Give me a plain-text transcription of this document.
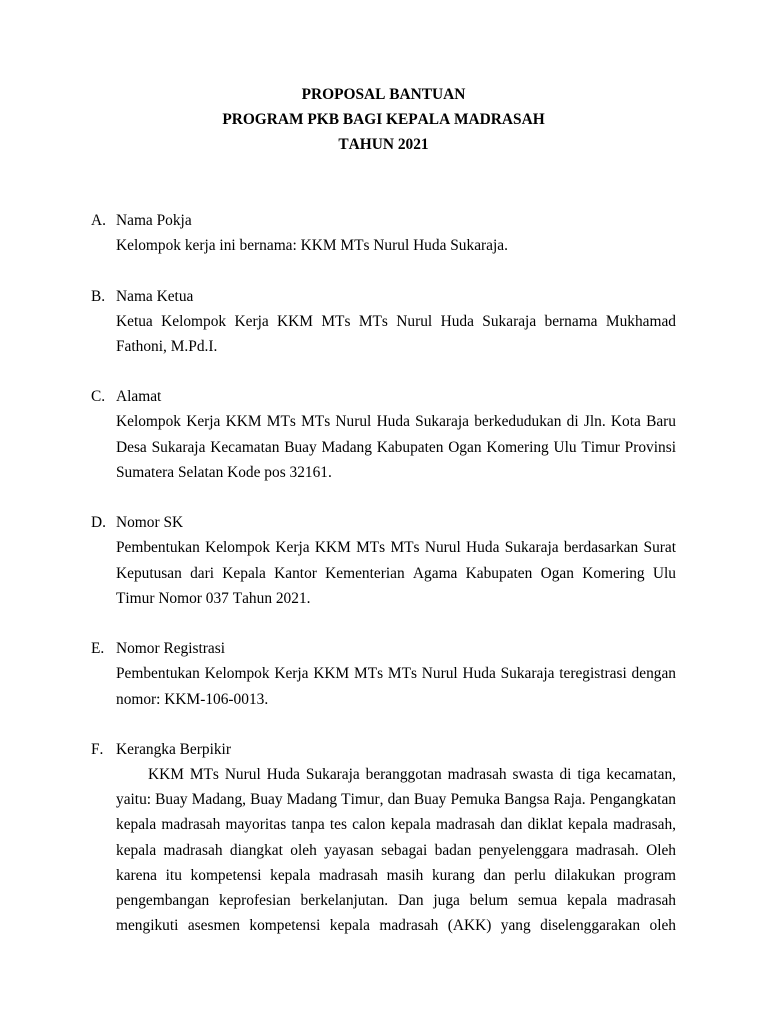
PROPOSAL BANTUAN
PROGRAM PKB BAGI KEPALA MADRASAH
TAHUN 2021
A. Nama Pokja
Kelompok kerja ini bernama: KKM MTs Nurul Huda Sukaraja.
B. Nama Ketua
Ketua Kelompok Kerja KKM MTs MTs Nurul Huda Sukaraja bernama Mukhamad
Fathoni, M.Pd.I.
C. Alamat
Kelompok Kerja KKM MTs MTs Nurul Huda Sukaraja berkedudukan di Jln. Kota Baru
Desa Sukaraja Kecamatan Buay Madang Kabupaten Ogan Komering Ulu Timur Provinsi
Sumatera Selatan Kode pos 32161.
D. Nomor SK
Pembentukan Kelompok Kerja KKM MTs MTs Nurul Huda Sukaraja berdasarkan Surat
Keputusan dari Kepala Kantor Kementerian Agama Kabupaten Ogan Komering Ulu
Timur Nomor 037 Tahun 2021.
E. Nomor Registrasi
Pembentukan Kelompok Kerja KKM MTs MTs Nurul Huda Sukaraja teregistrasi dengan
nomor: KKM-106-0013.
F. Kerangka Berpikir
KKM MTs Nurul Huda Sukaraja beranggotan madrasah swasta di tiga kecamatan,
yaitu: Buay Madang, Buay Madang Timur, dan Buay Pemuka Bangsa Raja. Pengangkatan
kepala madrasah mayoritas tanpa tes calon kepala madrasah dan diklat kepala madrasah,
kepala madrasah diangkat oleh yayasan sebagai badan penyelenggara madrasah. Oleh
karena itu kompetensi kepala madrasah masih kurang dan perlu dilakukan program
pengembangan keprofesian berkelanjutan. Dan juga belum semua kepala madrasah
mengikuti asesmen kompetensi kepala madrasah (AKK) yang diselenggarakan oleh
